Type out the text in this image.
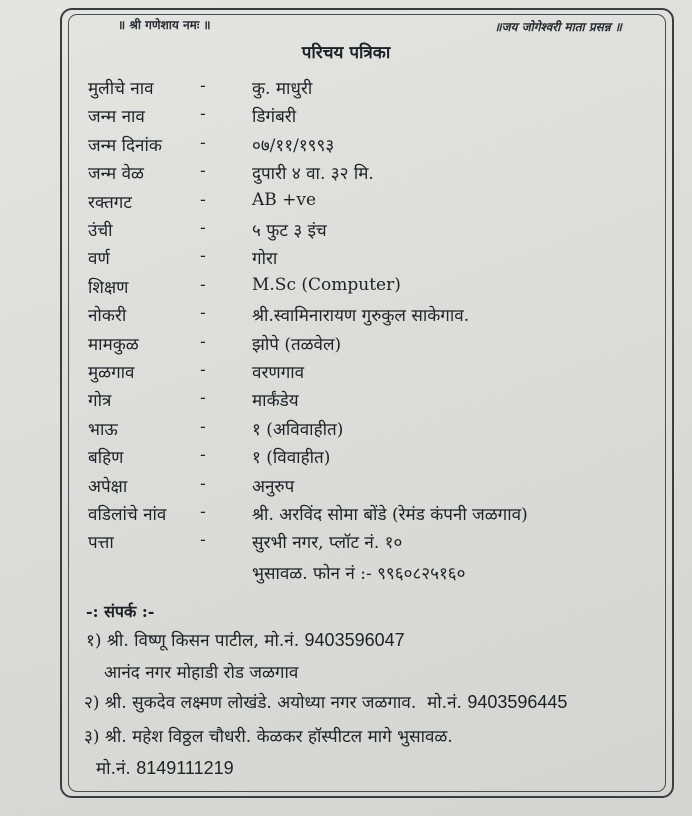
॥ श्री गणेशाय नमः ॥	॥जय जोगेश्वरी माता प्रसन्न ॥
परिचय पत्रिका
मुलीचे नाव	-	कु. माधुरी
जन्म नाव	-	डिगंबरी
जन्म दिनांक -	०७/११/१९९३
जन्म वेळ	-	दुपारी ४ वा. ३२ मि.
रक्तगट	-	AB +ve
उंची	-	५ फुट ३ इंच
वर्ण	-	गोरा
शिक्षण	-	M.Sc (Computer)
नोकरी	-	श्री.स्वामिनारायण गुरुकुल साकेगाव.
मामकुळ	-	झोपे (तळवेल)
मुळगाव	-	वरणगाव
गोत्र	-	मार्कंडेय
भाऊ	-	१ (अविवाहीत)
बहिण	-	१ (विवाहीत)
अपेक्षा	-	अनुरुप
वडिलांचे नांव -	श्री. अरविंद सोमा बोंडे (रेमंड कंपनी जळगाव)
पत्ता	-	सुरभी नगर, प्लॉट नं. १०
भुसावळ. फोन नं :- ९९६०८२५१६०
-: संपर्क :-
१) श्री. विष्णू किसन पाटील, मो.नं. 9403596047
आनंद नगर मोहाडी रोड जळगाव
२) श्री. सुकदेव लक्ष्मण लोखंडे. अयोध्या नगर जळगाव. मो.नं. 9403596445
३) श्री. महेश विठ्ठल चौधरी. केळकर हॉस्पीटल मागे भुसावळ.
मो.नं. 8149111219
